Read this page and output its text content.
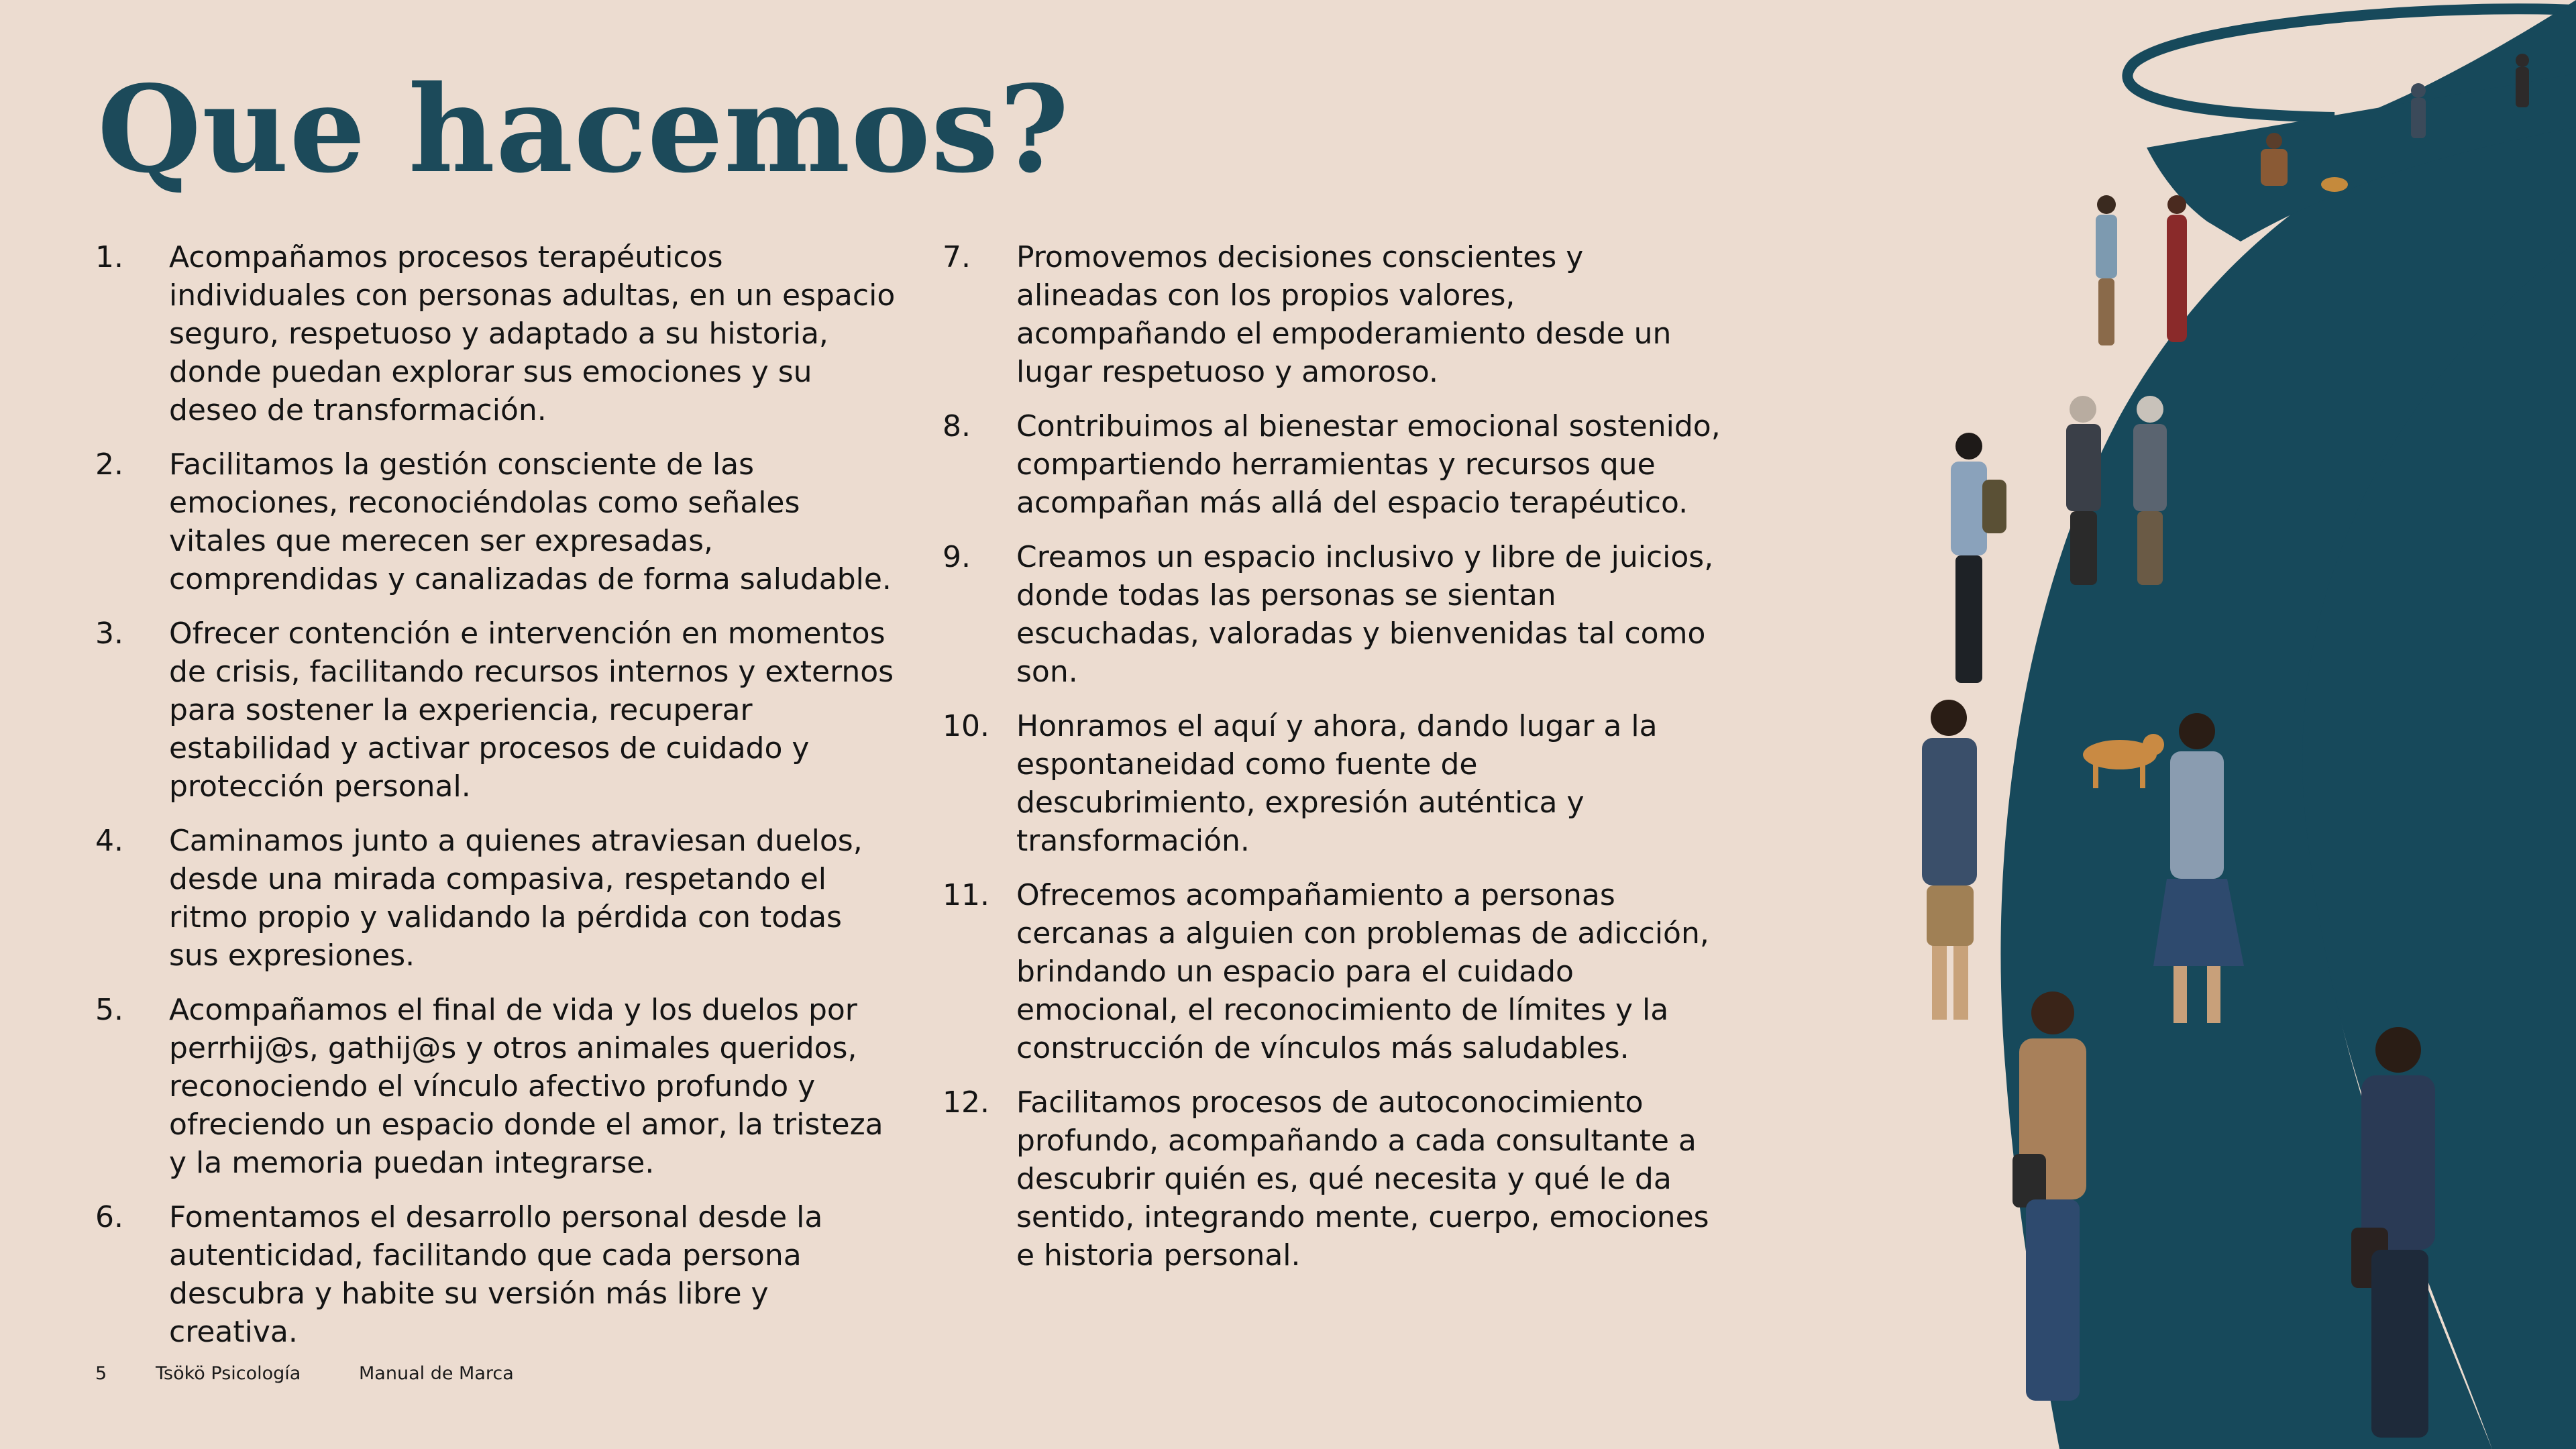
Que hacemos?
1.	Acompañamos procesos terapéuticos individuales con personas adultas, en un espacio seguro, respetuoso y adaptado a su historia, donde puedan explorar sus emociones y su deseo de transformación.
2.	Facilitamos la gestión consciente de las emociones, reconociéndolas como señales vitales que merecen ser expresadas, comprendidas y canalizadas de forma saludable.
3.	Ofrecer contención e intervención en momentos de crisis, facilitando recursos internos y externos para sostener la experiencia, recuperar estabilidad y activar procesos de cuidado y protección personal.
4.	Caminamos junto a quienes atraviesan duelos, desde una mirada compasiva, respetando el ritmo propio y validando la pérdida con todas sus expresiones.
5.	Acompañamos el final de vida y los duelos por perrhij@s, gathij@s y otros animales queridos, reconociendo el vínculo afectivo profundo y ofreciendo un espacio donde el amor, la tristeza y la memoria puedan integrarse.
6.	Fomentamos el desarrollo personal desde la autenticidad, facilitando que cada persona descubra y habite su versión más libre y creativa.
7.	Promovemos decisiones conscientes y alineadas con los propios valores, acompañando el empoderamiento desde un lugar respetuoso y amoroso.
8.	Contribuimos al bienestar emocional sostenido, compartiendo herramientas y recursos que acompañan más allá del espacio terapéutico.
9.	Creamos un espacio inclusivo y libre de juicios, donde todas las personas se sientan escuchadas, valoradas y bienvenidas tal como son.
10. Honramos el aquí y ahora, dando lugar a la espontaneidad como fuente de descubrimiento, expresión auténtica y transformación.
11. Ofrecemos acompañamiento a personas cercanas a alguien con problemas de adicción, brindando un espacio para el cuidado emocional, el reconocimiento de límites y la construcción de vínculos más saludables.
12. Facilitamos procesos de autoconocimiento profundo, acompañando a cada consultante a descubrir quién es, qué necesita y qué le da sentido, integrando mente, cuerpo, emociones e historia personal.
5	Tsökö Psicología	Manual de Marca
